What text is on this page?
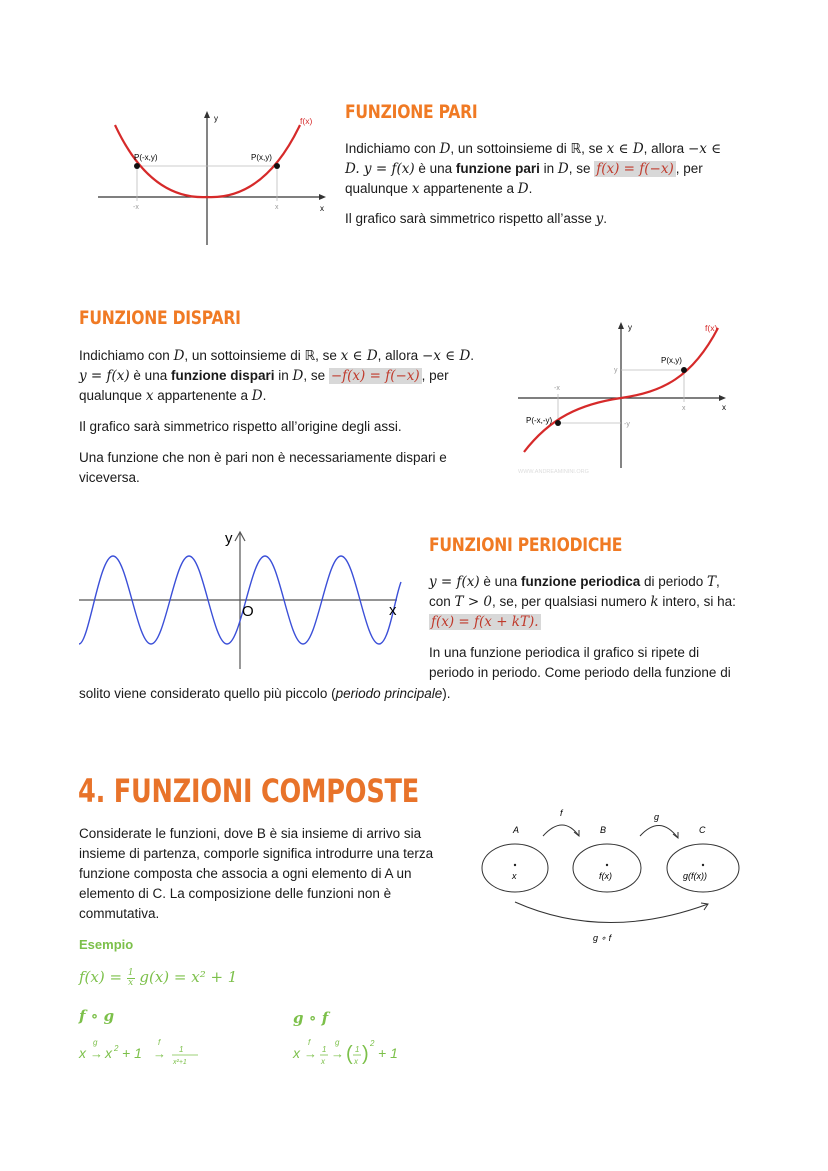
y
x
f(x)
P(-x,y)	P(x,y)
-x	x
FUNZIONE PARI

Indichiamo con D, un sottoinsieme di ℝ, se x ∈ D, allora −x ∈

D. y = f(x) è una funzione pari in D, se f(x) = f(−x) , per

qualunque x appartenente a D.

Il grafico sarà simmetrico rispetto all’asse y.

FUNZIONE DISPARI

Indichiamo con D, un sottoinsieme di ℝ, se x ∈ D, allora −x ∈ D.

y = f(x) è una funzione dispari in D, se −f(x) = f(−x) , per

qualunque x appartenente a D.

Il grafico sarà simmetrico rispetto all’origine degli assi.

Una funzione che non è pari non è necessariamente dispari e

viceversa.

y
x
f(x)
P(x,y)
P(-x,-y)
-x
x
y
-y
WWW.ANDREAMININI.ORG
y
x
O
FUNZIONI PERIODICHE

y = f(x) è una funzione periodica di periodo T,

con T > 0, se, per qualsiasi numero k intero, si ha:

f(x) = f(x + kT).

In una funzione periodica il grafico si ripete di

periodo in periodo. Come periodo della funzione di

solito viene considerato quello più piccolo (periodo principale).

4. FUNZIONI COMPOSTE

Considerate le funzioni, dove B è sia insieme di arrivo sia

insieme di partenza, comporle significa introdurre una terza

funzione composta che associa a ogni elemento di A un

elemento di C. La composizione delle funzioni non è

commutativa.

A	B	C
x	f(x)	g(f(x))
f	g
g ∘ f
Esempio
$f(x) = \frac{1}{x} g(x) = x^2 + 1$
f ∘ g	g ∘ f
x
g
→ x 2 + 1
f
→ 1
x²+1
x
f
→ 1
x
g
→ ( 1
x ) 2
+ 1
